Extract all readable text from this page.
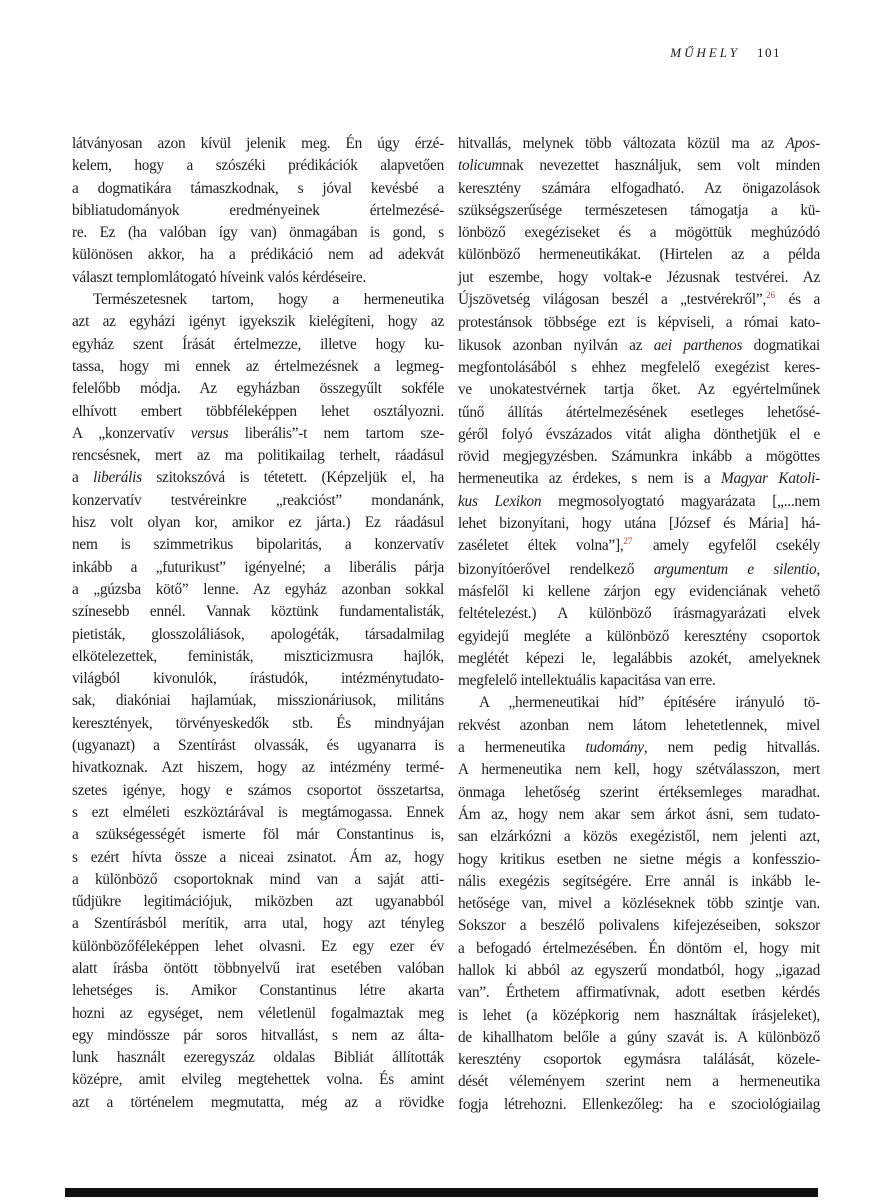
MŰHELY 101
látványosan azon kívül jelenik meg. Én úgy érzé-
kelem, hogy a szószéki prédikációk alapvetően
a dogmatikára támaszkodnak, s jóval kevésbé a
bibliatudományok eredményeinek értelmezésé-
re. Ez (ha valóban így van) önmagában is gond, s
különösen akkor, ha a prédikáció nem ad adekvát
választ templomlátogató híveink valós kérdéseire.
Természetesnek tartom, hogy a hermeneutika
azt az egyházi igényt igyekszik kielégíteni, hogy az
egyház szent Írását értelmezze, illetve hogy ku-
tassa, hogy mi ennek az értelmezésnek a legmeg-
felelőbb módja. Az egyházban összegyűlt sokféle
elhívott embert többféleképpen lehet osztályozni.
A „konzervatív versus liberális”-t nem tartom sze-
rencsésnek, mert az ma politikailag terhelt, ráadásul
a liberális szitokszóvá is tétetett. (Képzeljük el, ha
konzervatív testvéreinkre „reakcióst” mondanánk,
hisz volt olyan kor, amikor ez járta.) Ez ráadásul
nem is szimmetrikus bipolaritás, a konzervatív
inkább a „futurikust” igényelné; a liberális párja
a „gúzsba kötő” lenne. Az egyház azonban sokkal
színesebb ennél. Vannak köztünk fundamentalisták,
pietisták, glosszoláliások, apologéták, társadalmilag
elkötelezettek, feministák, miszticizmusra hajlók,
világból kivonulók, írástudók, intézménytudato-
sak, diakóniai hajlamúak, misszionáriusok, militáns
keresztények, törvényeskedők stb. És mindnyájan
(ugyanazt) a Szentírást olvassák, és ugyanarra is
hivatkoznak. Azt hiszem, hogy az intézmény termé-
szetes igénye, hogy e számos csoportot összetartsa,
s ezt elméleti eszköztárával is megtámogassa. Ennek
a szükségességét ismerte föl már Constantinus is,
s ezért hívta össze a niceai zsinatot. Ám az, hogy
a különböző csoportoknak mind van a saját atti-
tűdjükre legitimációjuk, miközben azt ugyanabból
a Szentírásból merítik, arra utal, hogy azt tényleg
különbözőféleképpen lehet olvasni. Ez egy ezer év
alatt írásba öntött többnyelvű irat esetében valóban
lehetséges is. Amikor Constantinus létre akarta
hozni az egységet, nem véletlenül fogalmaztak meg
egy mindössze pár soros hitvallást, s nem az álta-
lunk használt ezeregyszáz oldalas Bibliát állították
középre, amit elvileg megtehettek volna. És amint
azt a történelem megmutatta, még az a rövidke
hitvallás, melynek több változata közül ma az Apos-
tolicumnak nevezettet használjuk, sem volt minden
keresztény számára elfogadható. Az önigazolások
szükségszerűsége természetesen támogatja a kü-
lönböző exegéziseket és a mögöttük meghúzódó
különböző hermeneutikákat. (Hirtelen az a példa
jut eszembe, hogy voltak-e Jézusnak testvérei. Az
Újszövetség világosan beszél a „testvérekről”,$^{26}$ és a
protestánsok többsége ezt is képviseli, a római kato-
likusok azonban nyilván az aei parthenos dogmatikai
megfontolásából s ehhez megfelelő exegézist keres-
ve unokatestvérnek tartja őket. Az egyértelműnek
tűnő állítás átértelmezésének esetleges lehetősé-
géről folyó évszázados vitát aligha dönthetjük el e
rövid megjegyzésben. Számunkra inkább a mögöttes
hermeneutika az érdekes, s nem is a Magyar Katoli-
kus Lexikon megmosolyogtató magyarázata [„...nem
lehet bizonyítani, hogy utána [József és Mária] há-
zaséletet éltek volna”],$^{27}$ amely egyfelől csekély
bizonyítóerővel rendelkező argumentum e silentio,
másfelől ki kellene zárjon egy evidenciának vehető
feltételezést.) A különböző írásmagyarázati elvek
egyidejű megléte a különböző keresztény csoportok
meglétét képezi le, legalábbis azokét, amelyeknek
megfelelő intellektuális kapacitása van erre.
A „hermeneutikai híd” építésére irányuló tö-
rekvést azonban nem látom lehetetlennek, mivel
a hermeneutika tudomány, nem pedig hitvallás.
A hermeneutika nem kell, hogy szétválasszon, mert
önmaga lehetőség szerint értéksemleges maradhat.
Ám az, hogy nem akar sem árkot ásni, sem tudato-
san elzárkózni a közös exegézistől, nem jelenti azt,
hogy kritikus esetben ne sietne mégis a konfesszio-
nális exegézis segítségére. Erre annál is inkább le-
hetősége van, mivel a közléseknek több szintje van.
Sokszor a beszélő polivalens kifejezéseiben, sokszor
a befogadó értelmezésében. Én döntöm el, hogy mit
hallok ki abból az egyszerű mondatból, hogy „igazad
van”. Érthetem affirmatívnak, adott esetben kérdés
is lehet (a középkorig nem használtak írásjeleket),
de kihallhatom belőle a gúny szavát is. A különböző
keresztény csoportok egymásra találását, közele-
dését véleményem szerint nem a hermeneutika
fogja létrehozni. Ellenkezőleg: ha e szociológiailag
